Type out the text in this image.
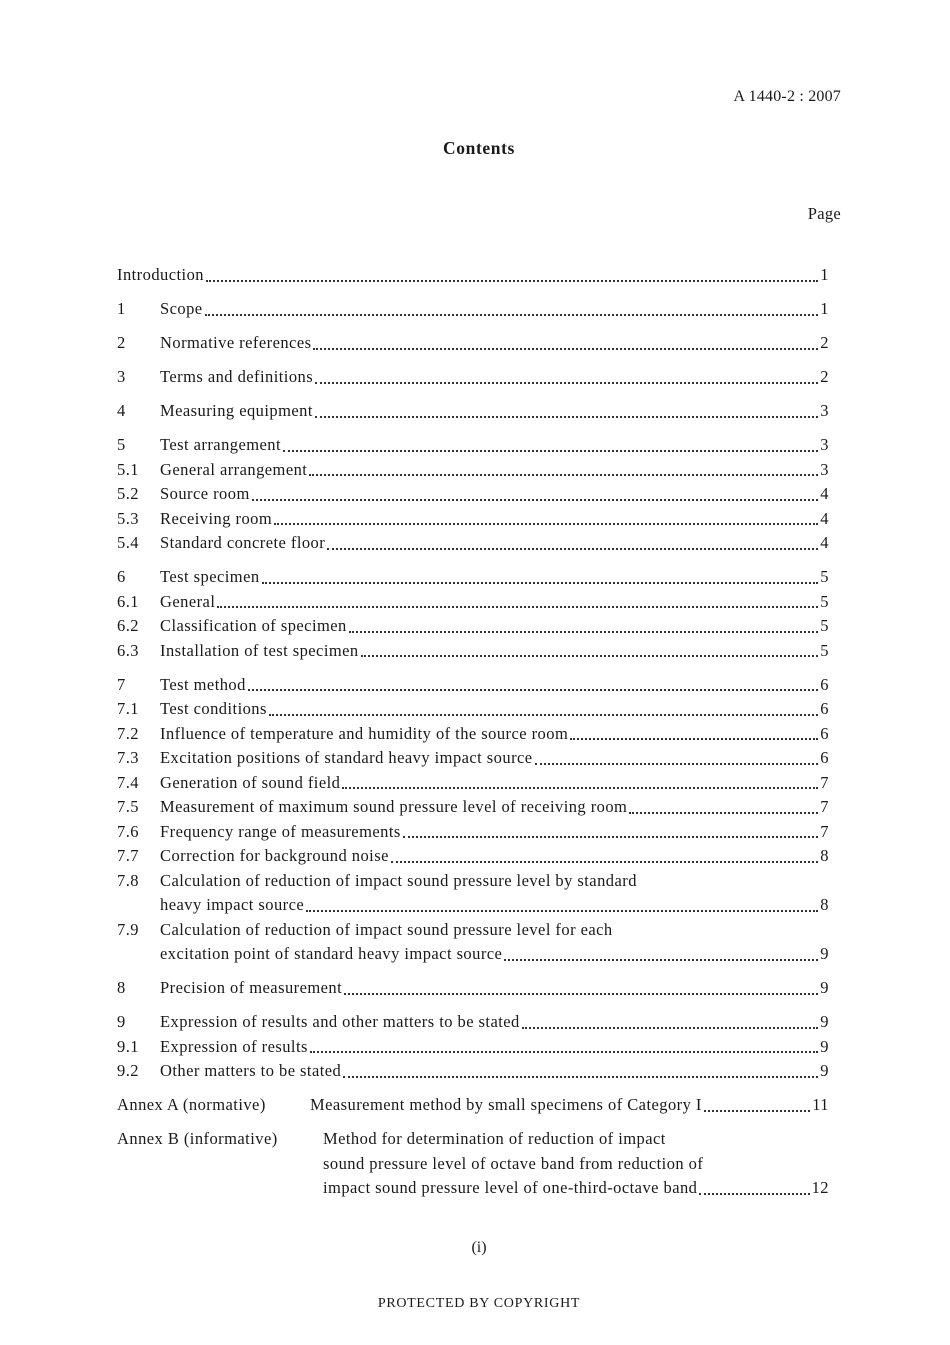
A 1440-2 : 2007
Contents
Page
Introduction	1
1	Scope	1
2	Normative references	2
3	Terms and definitions	2
4	Measuring equipment	3
5	Test arrangement	3
5.1	General arrangement	3
5.2	Source room	4
5.3	Receiving room	4
5.4	Standard concrete floor	4
6	Test specimen	5
6.1	General	5
6.2	Classification of specimen	5
6.3	Installation of test specimen	5
7	Test method	6
7.1	Test conditions	6
7.2	Influence of temperature and humidity of the source room	6
7.3	Excitation positions of standard heavy impact source	6
7.4	Generation of sound field	7
7.5	Measurement of maximum sound pressure level of receiving room	7
7.6	Frequency range of measurements	7
7.7	Correction for background noise	8
7.8	Calculation of reduction of impact sound pressure level by standard
heavy impact source	8
7.9	Calculation of reduction of impact sound pressure level for each
excitation point of standard heavy impact source	9
8	Precision of measurement	9
9	Expression of results and other matters to be stated	9
9.1	Expression of results	9
9.2	Other matters to be stated	9
Annex A (normative)	Measurement method by small specimens of Category I	11
Annex B (informative)	Method for determination of reduction of impact
sound pressure level of octave band from reduction of
impact sound pressure level of one-third-octave band	12
(i)
PROTECTED BY COPYRIGHT
